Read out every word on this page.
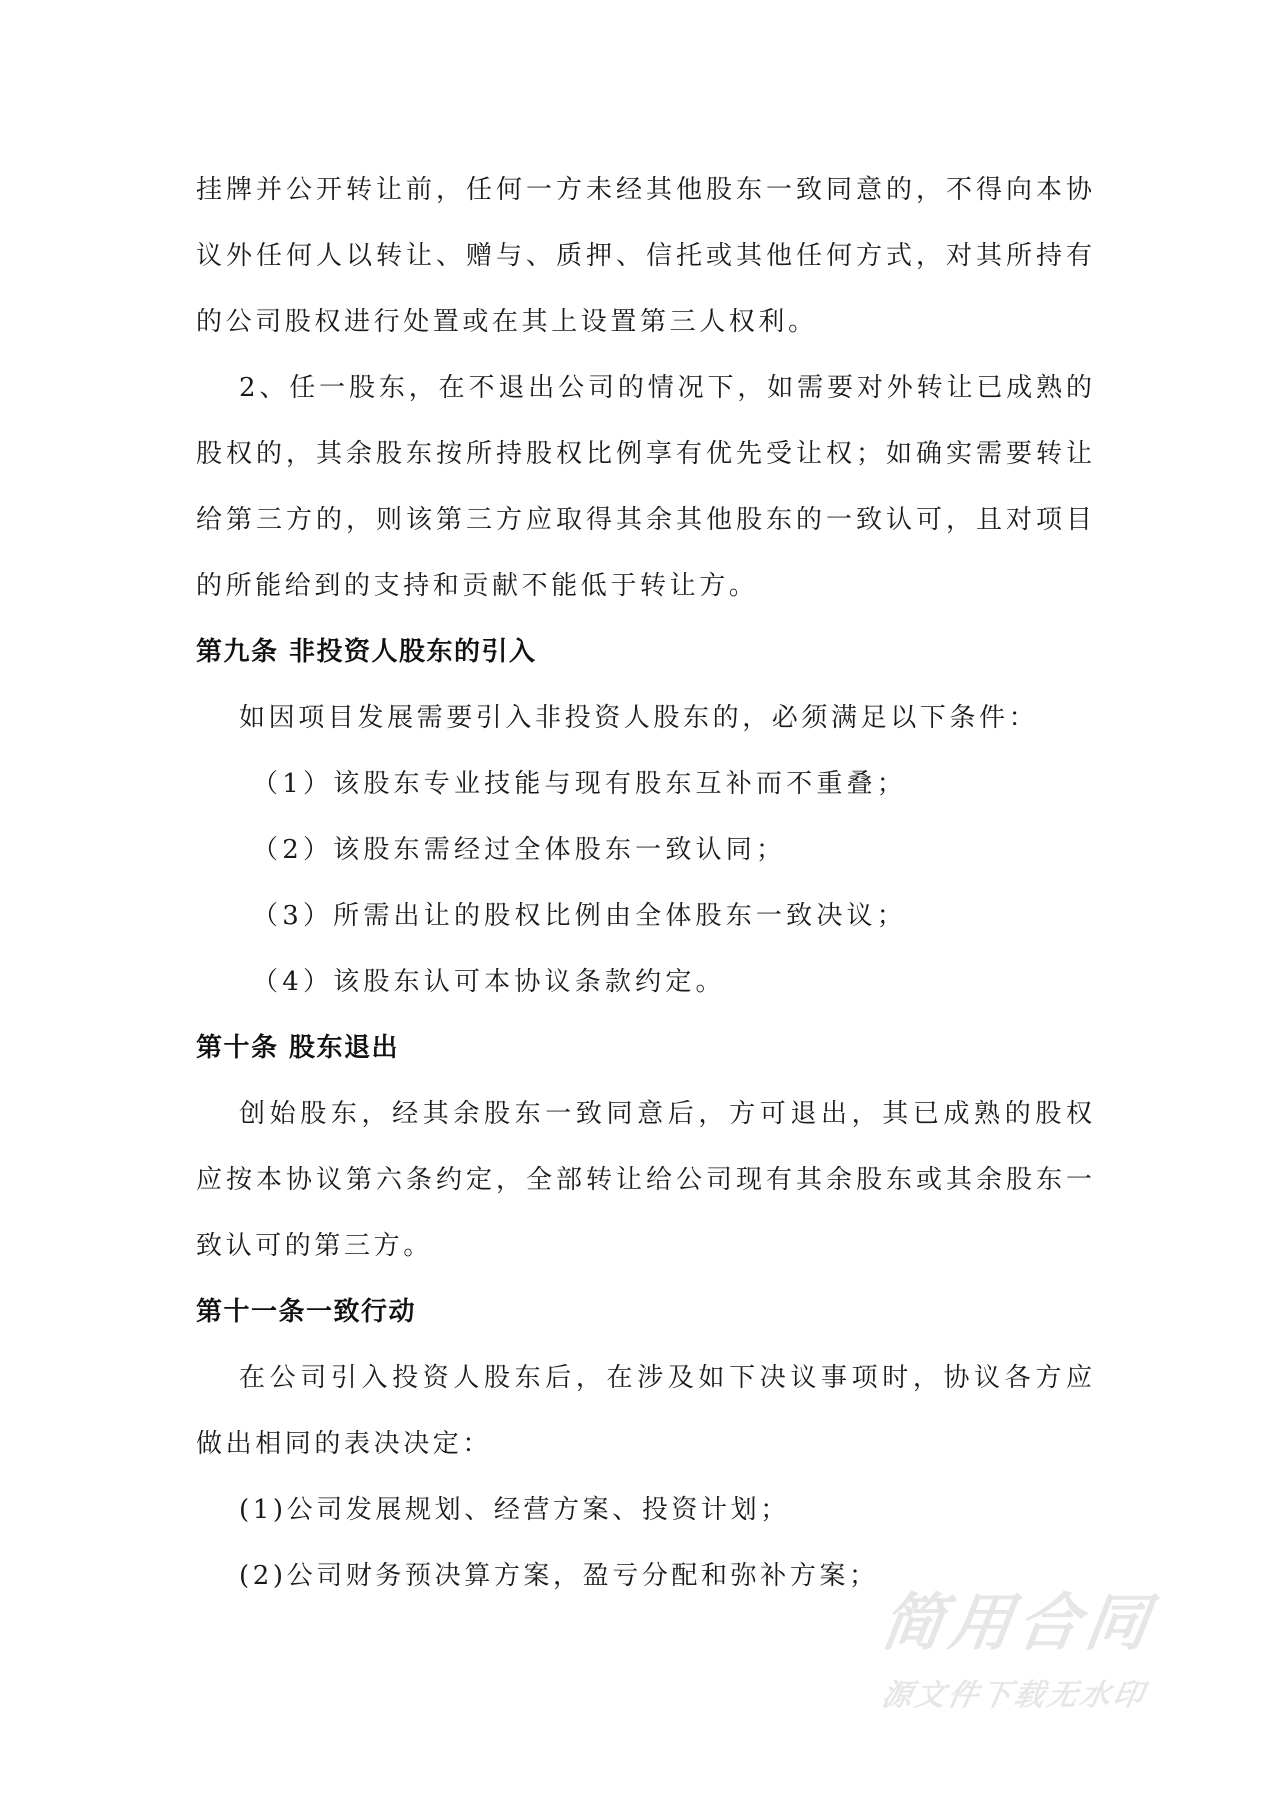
挂牌并公开转让前，任何一方未经其他股东一致同意的，不得向本协
议外任何人以转让、赠与、质押、信托或其他任何方式，对其所持有
的公司股权进行处置或在其上设置第三人权利。
2、任一股东，在不退出公司的情况下，如需要对外转让已成熟的
股权的，其余股东按所持股权比例享有优先受让权；如确实需要转让
给第三方的，则该第三方应取得其余其他股东的一致认可，且对项目
的所能给到的支持和贡献不能低于转让方。
第九条 非投资人股东的引入
如因项目发展需要引入非投资人股东的，必须满足以下条件：
（1）该股东专业技能与现有股东互补而不重叠；
（2）该股东需经过全体股东一致认同；
（3）所需出让的股权比例由全体股东一致决议；
（4）该股东认可本协议条款约定。
第十条 股东退出
创始股东，经其余股东一致同意后，方可退出，其已成熟的股权
应按本协议第六条约定，全部转让给公司现有其余股东或其余股东一
致认可的第三方。
第十一条一致行动
在公司引入投资人股东后，在涉及如下决议事项时，协议各方应
做出相同的表决决定：
(1)公司发展规划、经营方案、投资计划；
(2)公司财务预决算方案，盈亏分配和弥补方案；
简用合同
源文件下载无水印
